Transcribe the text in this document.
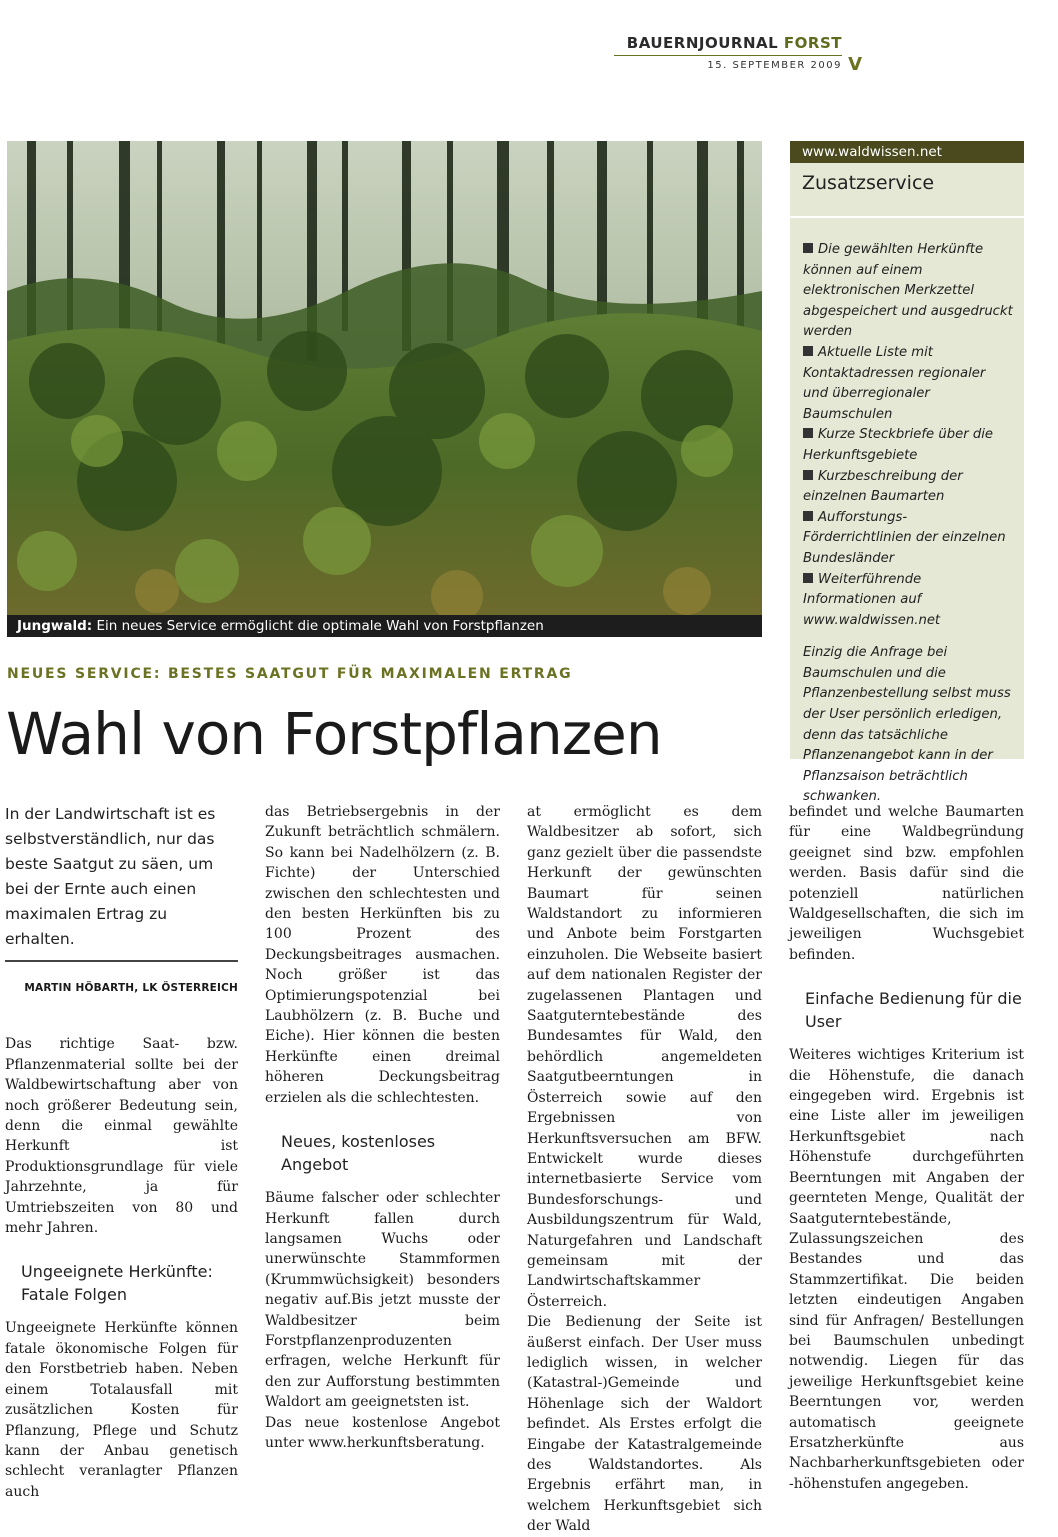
BAUERNJOURNAL FORST
15. SEPTEMBER 2009 V
Jungwald: Ein neues Service ermöglicht die optimale Wahl von Forstpflanzen
NEUES SERVICE: BESTES SAATGUT FÜR MAXIMALEN ERTRAG
Wahl von Forstpflanzen
www.waldwissen.net
Zusatzservice
Die gewählten Herkünfte können auf einem elektronischen Merkzettel abgespeichert und ausgedruckt werden
Aktuelle Liste mit Kontaktadressen regionaler und überregionaler Baumschulen
Kurze Steckbriefe über die Herkunftsgebiete
Kurzbeschreibung der einzelnen Baumarten
Aufforstungs-Förderrichtlinien der einzelnen Bundesländer
Weiterführende Informationen auf www.waldwissen.net
Einzig die Anfrage bei Baumschulen und die Pflanzenbestellung selbst muss der User persönlich erledigen, denn das tatsächliche Pflanzenangebot kann in der Pflanzsaison beträchtlich schwanken.
In der Landwirtschaft ist es selbstverständlich, nur das beste Saatgut zu säen, um bei der Ernte auch einen maximalen Ertrag zu erhalten.
MARTIN HÖBARTH, LK ÖSTERREICH

Das richtige Saat- bzw. Pflanzenmaterial sollte bei der Waldbewirtschaftung aber von noch größerer Bedeutung sein, denn die einmal gewählte Herkunft ist Produktionsgrundlage für viele Jahrzehnte, ja für Umtriebszeiten von 80 und mehr Jahren.

Ungeeignete Herkünfte: Fatale Folgen

Ungeeignete Herkünfte können fatale ökonomische Folgen für den Forstbetrieb haben. Neben einem Totalausfall mit zusätzlichen Kosten für Pflanzung, Pflege und Schutz kann der Anbau genetisch schlecht veranlagter Pflanzen auch

das Betriebsergebnis in der Zukunft beträchtlich schmälern. So kann bei Nadelhölzern (z. B. Fichte) der Unterschied zwischen den schlechtesten und den besten Herkünften bis zu 100 Prozent des Deckungsbeitrages ausmachen. Noch größer ist das Optimierungspotenzial bei Laubhölzern (z. B. Buche und Eiche). Hier können die besten Herkünfte einen dreimal höheren Deckungsbeitrag erzielen als die schlechtesten.

Neues, kostenloses Angebot

Bäume falscher oder schlechter Herkunft fallen durch langsamen Wuchs oder unerwünschte Stammformen (Krummwüchsigkeit) besonders negativ auf.Bis jetzt musste der Waldbesitzer beim Forstpflanzenproduzenten erfragen, welche Herkunft für den zur Aufforstung bestimmten Waldort am geeignetsten ist.

Das neue kostenlose Angebot unter www.herkunftsberatung.

at ermöglicht es dem Waldbesitzer ab sofort, sich ganz gezielt über die passendste Herkunft der gewünschten Baumart für seinen Waldstandort zu informieren und Anbote beim Forstgarten einzuholen. Die Webseite basiert auf dem nationalen Register der zugelassenen Plantagen und Saatguterntebestände des Bundesamtes für Wald, den behördlich angemeldeten Saatgutbeerntungen in Österreich sowie auf den Ergebnissen von Herkunftsversuchen am BFW. Entwickelt wurde dieses internetbasierte Service vom Bundesforschungs- und Ausbildungszentrum für Wald, Naturgefahren und Landschaft gemeinsam mit der Landwirtschaftskammer Österreich.

Die Bedienung der Seite ist äußerst einfach. Der User muss lediglich wissen, in welcher (Katastral-)Gemeinde und Höhenlage sich der Waldort befindet. Als Erstes erfolgt die Eingabe der Katastralgemeinde des Waldstandortes. Als Ergebnis erfährt man, in welchem Herkunftsgebiet sich der Wald

befindet und welche Baumarten für eine Waldbegründung geeignet sind bzw. empfohlen werden. Basis dafür sind die potenziell natürlichen Waldgesellschaften, die sich im jeweiligen Wuchsgebiet befinden.

Einfache Bedienung für die User

Weiteres wichtiges Kriterium ist die Höhenstufe, die danach eingegeben wird. Ergebnis ist eine Liste aller im jeweiligen Herkunftsgebiet nach Höhenstufe durchgeführten Beerntungen mit Angaben der geernteten Menge, Qualität der Saatguterntebestände, Zulassungszeichen des Bestandes und das Stammzertifikat. Die beiden letzten eindeutigen Angaben sind für Anfragen/ Bestellungen bei Baumschulen unbedingt notwendig. Liegen für das jeweilige Herkunftsgebiet keine Beerntungen vor, werden automatisch geeignete Ersatzherkünfte aus Nachbarherkunftsgebieten oder -höhenstufen angegeben.
